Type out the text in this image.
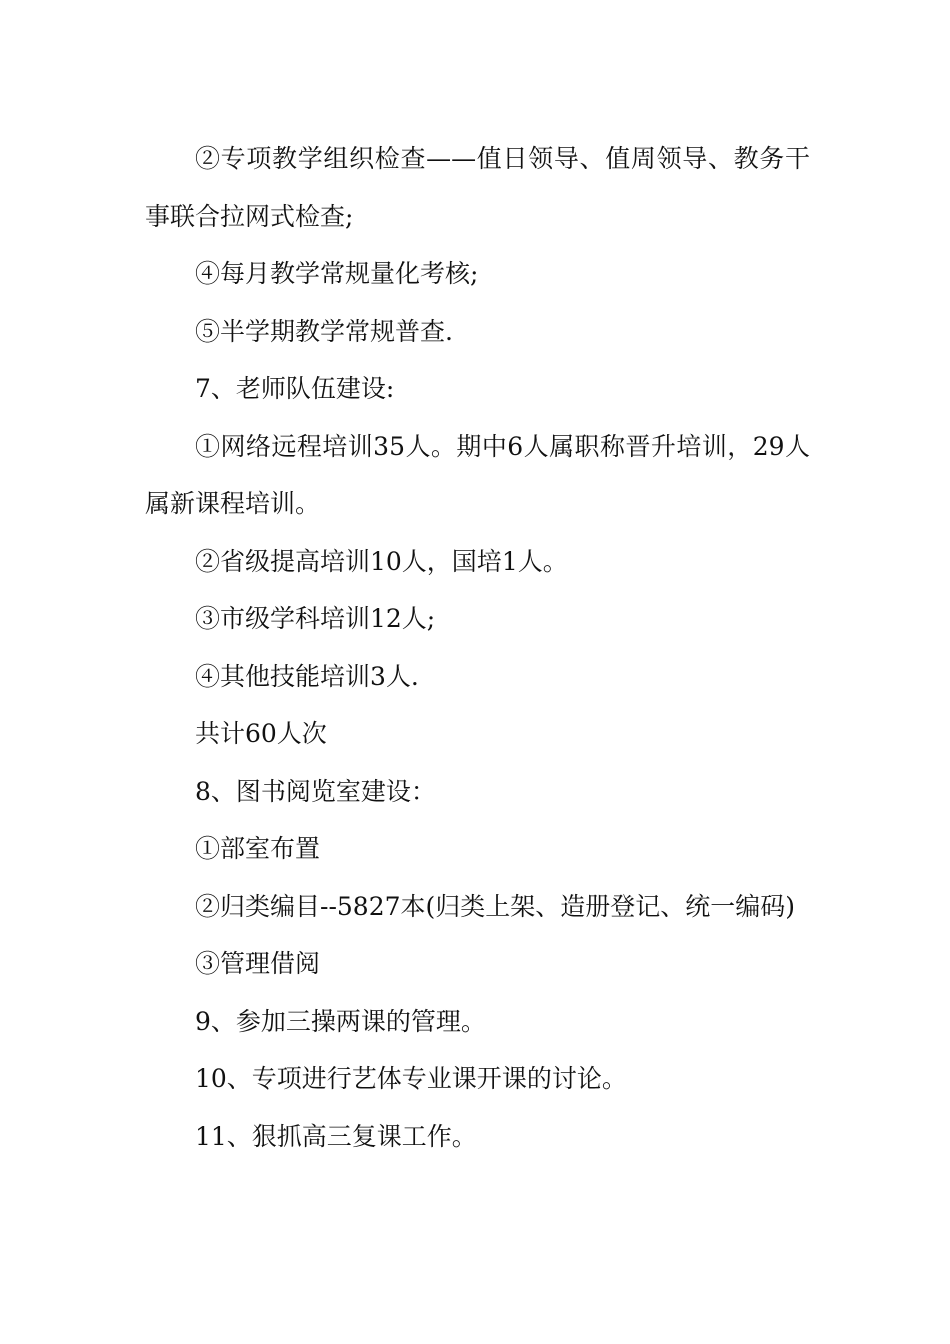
②专项教学组织检查——值日领导、值周领导、教务干事联合拉网式检查;

④每月教学常规量化考核;

⑤半学期教学常规普查.

7、老师队伍建设:

①网络远程培训35人。期中6人属职称晋升培训，29人属新课程培训。

②省级提高培训10人，国培1人。

③市级学科培训12人;

④其他技能培训3人.

共计60人次

8、图书阅览室建设：

①部室布置

②归类编目--5827本(归类上架、造册登记、统一编码)

③管理借阅

9、参加三操两课的管理。

10、专项进行艺体专业课开课的讨论。

11、狠抓高三复课工作。
